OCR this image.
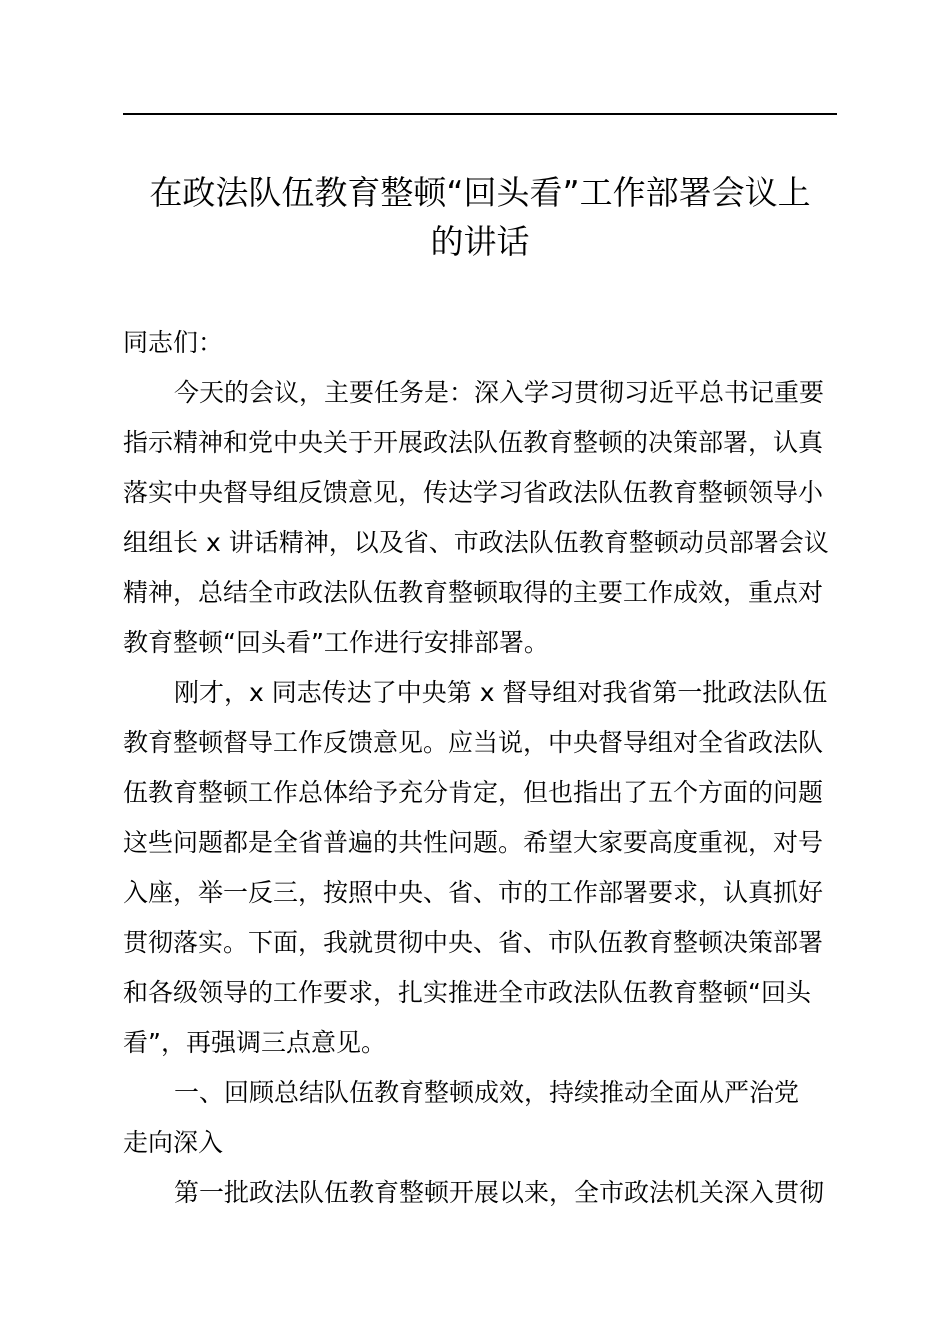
在政法队伍教育整顿“回头看”工作部署会议上
的讲话
同志们：
今天的会议，主要任务是：深入学习贯彻习近平总书记重要
指示精神和党中央关于开展政法队伍教育整顿的决策部署，认真
落实中央督导组反馈意见，传达学习省政法队伍教育整顿领导小
组组长 x 讲话精神，以及省、市政法队伍教育整顿动员部署会议
精神，总结全市政法队伍教育整顿取得的主要工作成效，重点对
教育整顿“回头看”工作进行安排部署。
刚才，x 同志传达了中央第 x 督导组对我省第一批政法队伍
教育整顿督导工作反馈意见。应当说，中央督导组对全省政法队
伍教育整顿工作总体给予充分肯定，但也指出了五个方面的问题
这些问题都是全省普遍的共性问题。希望大家要高度重视，对号
入座，举一反三，按照中央、省、市的工作部署要求，认真抓好
贯彻落实。下面，我就贯彻中央、省、市队伍教育整顿决策部署
和各级领导的工作要求，扎实推进全市政法队伍教育整顿“回头
看”，再强调三点意见。
一、回顾总结队伍教育整顿成效，持续推动全面从严治党
走向深入
第一批政法队伍教育整顿开展以来，全市政法机关深入贯彻
